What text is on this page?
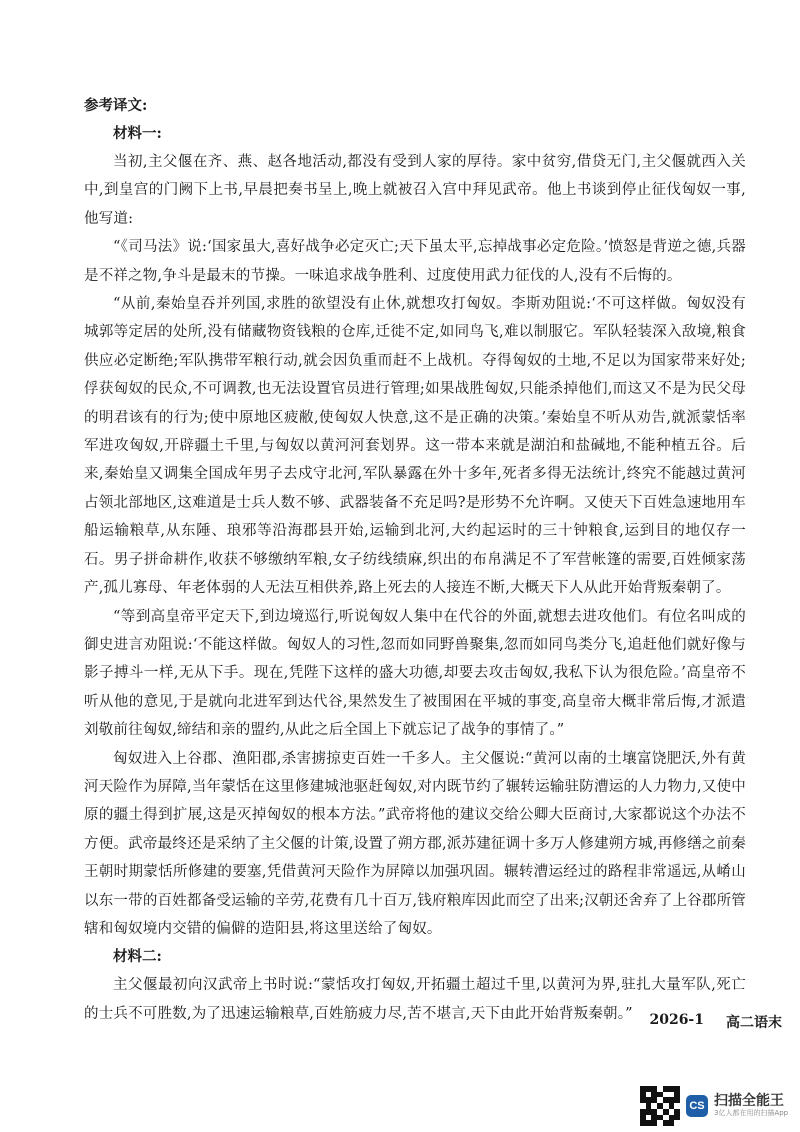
参考译文:

材料一:

当初,主父偃在齐、燕、赵各地活动,都没有受到人家的厚待。家中贫穷,借贷无门,主父偃就西入关中,到皇宫的门阙下上书,早晨把奏书呈上,晚上就被召入宫中拜见武帝。他上书谈到停止征伐匈奴一事,他写道:

“《司马法》说:‘国家虽大,喜好战争必定灭亡;天下虽太平,忘掉战事必定危险。’愤怒是背逆之德,兵器是不祥之物,争斗是最末的节操。一味追求战争胜利、过度使用武力征伐的人,没有不后悔的。

“从前,秦始皇吞并列国,求胜的欲望没有止休,就想攻打匈奴。李斯劝阻说:‘不可这样做。匈奴没有城郭等定居的处所,没有储藏物资钱粮的仓库,迁徙不定,如同鸟飞,难以制服它。军队轻装深入敌境,粮食供应必定断绝;军队携带军粮行动,就会因负重而赶不上战机。夺得匈奴的土地,不足以为国家带来好处;俘获匈奴的民众,不可调教,也无法设置官员进行管理;如果战胜匈奴,只能杀掉他们,而这又不是为民父母的明君该有的行为;使中原地区疲敝,使匈奴人快意,这不是正确的决策。’秦始皇不听从劝告,就派蒙恬率军进攻匈奴,开辟疆土千里,与匈奴以黄河河套划界。这一带本来就是湖泊和盐碱地,不能种植五谷。后来,秦始皇又调集全国成年男子去戍守北河,军队暴露在外十多年,死者多得无法统计,终究不能越过黄河占领北部地区,这难道是士兵人数不够、武器装备不充足吗?是形势不允许啊。又使天下百姓急速地用车船运输粮草,从东陲、琅邪等沿海郡县开始,运输到北河,大约起运时的三十钟粮食,运到目的地仅存一石。男子拼命耕作,收获不够缴纳军粮,女子纺线绩麻,织出的布帛满足不了军营帐篷的需要,百姓倾家荡产,孤儿寡母、年老体弱的人无法互相供养,路上死去的人接连不断,大概天下人从此开始背叛秦朝了。

“等到高皇帝平定天下,到边境巡行,听说匈奴人集中在代谷的外面,就想去进攻他们。有位名叫成的御史进言劝阻说:‘不能这样做。匈奴人的习性,忽而如同野兽聚集,忽而如同鸟类分飞,追赶他们就好像与影子搏斗一样,无从下手。现在,凭陛下这样的盛大功德,却要去攻击匈奴,我私下认为很危险。’高皇帝不听从他的意见,于是就向北进军到达代谷,果然发生了被围困在平城的事变,高皇帝大概非常后悔,才派遣刘敬前往匈奴,缔结和亲的盟约,从此之后全国上下就忘记了战争的事情了。”

匈奴进入上谷郡、渔阳郡,杀害掳掠吏百姓一千多人。主父偃说:“黄河以南的土壤富饶肥沃,外有黄河天险作为屏障,当年蒙恬在这里修建城池驱赶匈奴,对内既节约了辗转运输驻防漕运的人力物力,又使中原的疆土得到扩展,这是灭掉匈奴的根本方法。”武帝将他的建议交给公卿大臣商讨,大家都说这个办法不方便。武帝最终还是采纳了主父偃的计策,设置了朔方郡,派苏建征调十多万人修建朔方城,再修缮之前秦王朝时期蒙恬所修建的要塞,凭借黄河天险作为屏障以加强巩固。辗转漕运经过的路程非常遥远,从崤山以东一带的百姓都备受运输的辛劳,花费有几十百万,钱府粮库因此而空了出来;汉朝还舍弃了上谷郡所管辖和匈奴境内交错的偏僻的造阳县,将这里送给了匈奴。

材料二:

主父偃最初向汉武帝上书时说:“蒙恬攻打匈奴,开拓疆土超过千里,以黄河为界,驻扎大量军队,死亡的士兵不可胜数,为了迅速运输粮草,百姓筋疲力尽,苦不堪言,天下由此开始背叛秦朝。”	2026-1 高二语末
CS 扫描全能王
3亿人都在用的扫描App
